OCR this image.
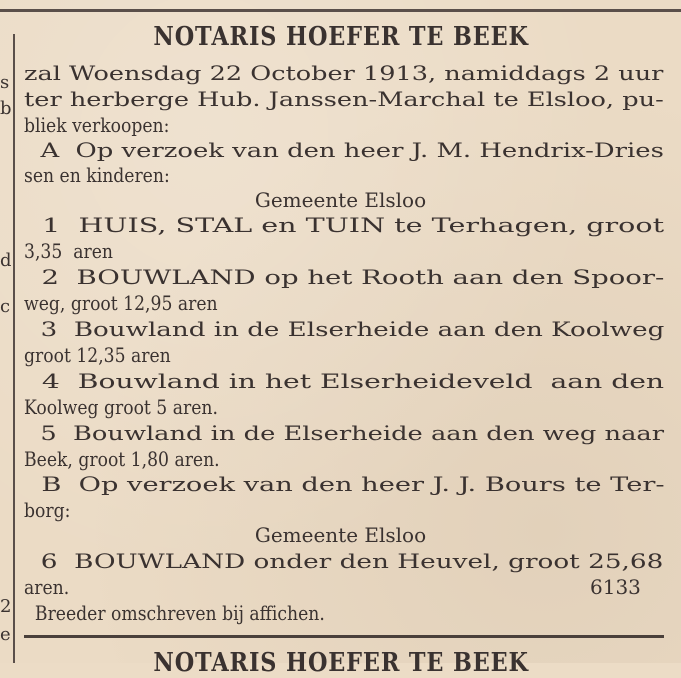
s
b
d
c
2
e
NOTARIS HOEFER TE BEEK
zal Woensdag 22 October 1913, namiddags 2 uur
ter herberge Hub. Janssen-Marchal te Elsloo, pu-
bliek verkoopen:
A  Op verzoek van den heer J. M. Hendrix-Dries
sen en kinderen:
Gemeente Elsloo
1  HUIS, STAL en TUIN te Terhagen, groot
3,35  aren
2  BOUWLAND op het Rooth aan den Spoor-
weg, groot 12,95 aren
3  Bouwland in de Elserheide aan den Koolweg
groot 12,35 aren
4  Bouwland in het Elserheideveld  aan den
Koolweg groot 5 aren.
5  Bouwland in de Elserheide aan den weg naar
Beek, groot 1,80 aren.
B  Op verzoek van den heer J. J. Bours te Ter-
borg:
Gemeente Elsloo
6  BOUWLAND onder den Heuvel, groot 25,68
aren.	6133
Breeder omschreven bij affichen.
NOTARIS HOEFER TE BEEK
